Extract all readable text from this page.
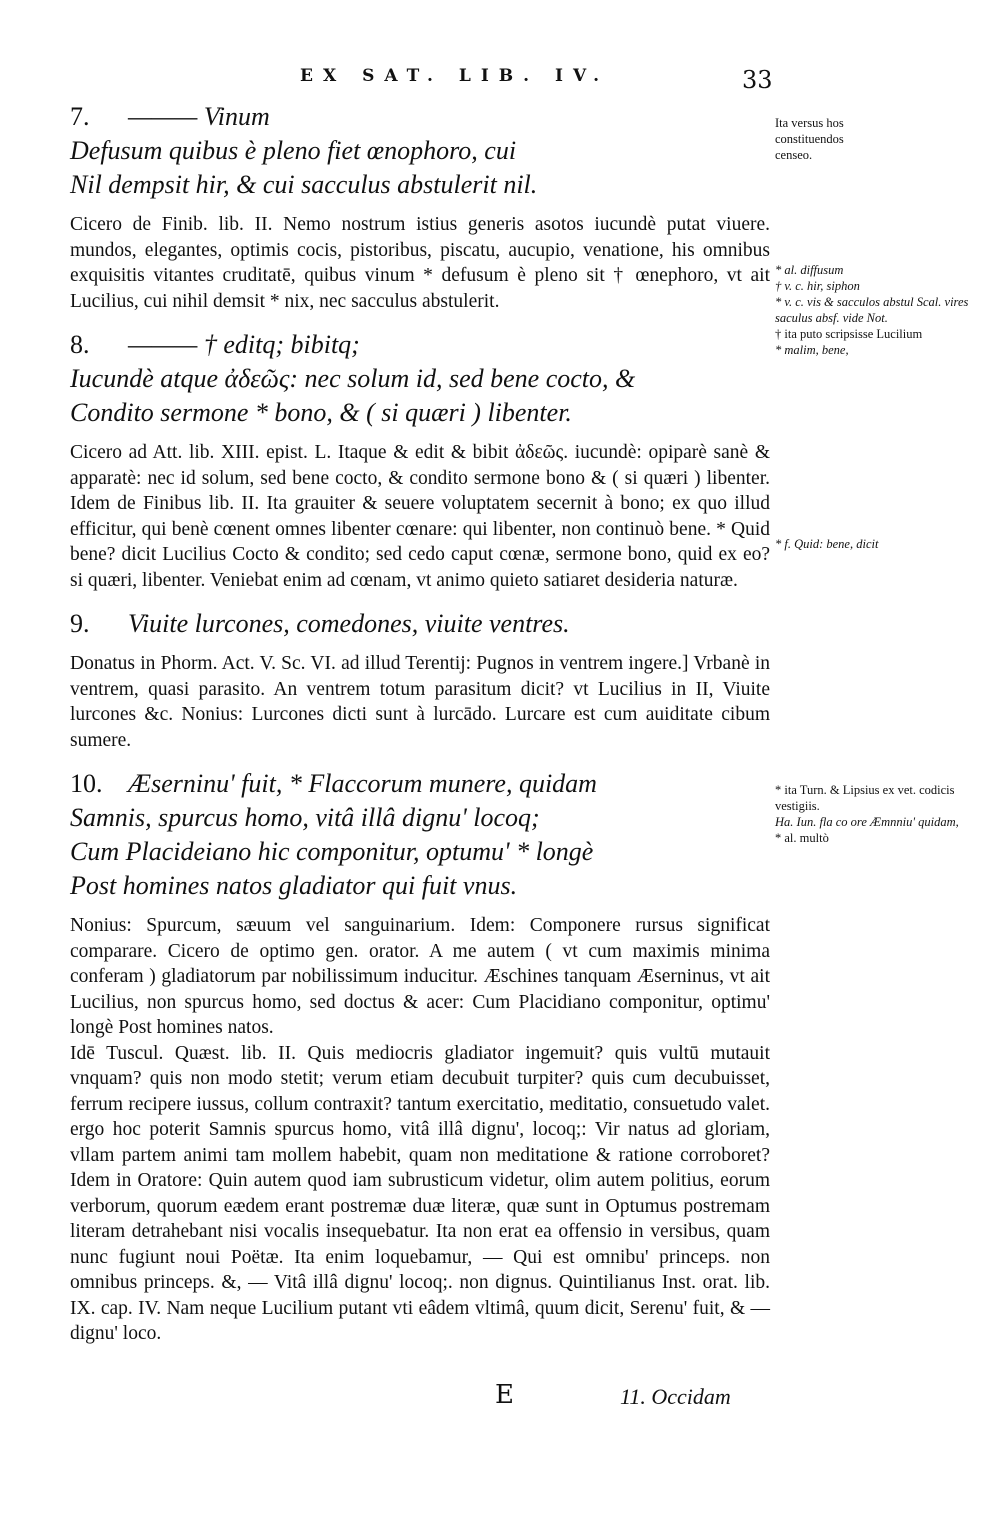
EX SAT. LIB. IV.	33
7. ——— Vinum
Defusum quibus è pleno fiet œnophoro, cui
Nil dempsit hir, & cui sacculus abstulerit nil.

Cicero de Finib. lib. II. Nemo nostrum istius generis asotos iucundè putat viuere. mundos, elegantes, optimis cocis, pistoribus, piscatu, aucupio, venatione, his omnibus exquisitis vitantes cruditatē, quibus vinum * defusum è pleno sit † œnephoro, vt ait Lucilius, cui nihil demsit * nix, nec sacculus abstulerit.

8. ——— † editq; bibitq;
Iucundè atque ἀδεῶς: nec solum id, sed bene cocto, &
Condito sermone * bono, & ( si quæri ) libenter.

Cicero ad Att. lib. XIII. epist. L. Itaque & edit & bibit ἀδεῶς. iucundè: opiparè sanè & apparatè: nec id solum, sed bene cocto, & condito sermone bono & ( si quæri ) libenter. Idem de Finibus lib. II. Ita grauiter & seuere voluptatem secernit à bono; ex quo illud efficitur, qui benè cœnent omnes libenter cœnare: qui libenter, non continuò bene. * Quid bene? dicit Lucilius Cocto & condito; sed cedo caput cœnæ, sermone bono, quid ex eo? si quæri, libenter. Veniebat enim ad cœnam, vt animo quieto satiaret desideria naturæ.

9. Viuite lurcones, comedones, viuite ventres.

Donatus in Phorm. Act. V. Sc. VI. ad illud Terentij: Pugnos in ventrem ingere.] Vrbanè in ventrem, quasi parasito. An ventrem totum parasitum dicit? vt Lucilius in II, Viuite lurcones &c. Nonius: Lurcones dicti sunt à lurcādo. Lurcare est cum auiditate cibum sumere.

10. Æserninu' fuit, * Flaccorum munere, quidam
Samnis, spurcus homo, vitâ illâ dignu' locoq;
Cum Placideiano hic componitur, optumu' * longè
Post homines natos gladiator qui fuit vnus.

Nonius: Spurcum, sæuum vel sanguinarium. Idem: Componere rursus significat comparare. Cicero de optimo gen. orator. A me autem ( vt cum maximis minima conferam ) gladiatorum par nobilissimum inducitur. Æschines tanquam Æserninus, vt ait Lucilius, non spurcus homo, sed doctus & acer: Cum Placidiano componitur, optimu' longè Post homines natos.

Idē Tuscul. Quæst. lib. II. Quis mediocris gladiator ingemuit? quis vultū mutauit vnquam? quis non modo stetit; verum etiam decubuit turpiter? quis cum decubuisset, ferrum recipere iussus, collum contraxit? tantum exercitatio, meditatio, consuetudo valet. ergo hoc poterit Samnis spurcus homo, vitâ illâ dignu', locoq;: Vir natus ad gloriam, vllam partem animi tam mollem habebit, quam non meditatione & ratione corroboret? Idem in Oratore: Quin autem quod iam subrusticum videtur, olim autem politius, eorum verborum, quorum eædem erant postremæ duæ literæ, quæ sunt in Optumus postremam literam detrahebant nisi vocalis insequebatur. Ita non erat ea offensio in versibus, quam nunc fugiunt noui Poëtæ. Ita enim loquebamur, — Qui est omnibu' princeps. non omnibus princeps. &, — Vitâ illâ dignu' locoq;. non dignus. Quintilianus Inst. orat. lib. IX. cap. IV. Nam neque Lucilium putant vti eâdem vltimâ, quum dicit, Serenu' fuit, & — dignu' loco.

Ita versus hos

constituendos

censeo.

* al. diffusum

† v. c. hir, siphon

* v. c. vis & sacculos abstul Scal. vires saculus absf. vide Not.

† ita puto scripsisse Lucilium

* malim, bene,

* f. Quid: bene, dicit

* ita Turn. & Lipsius ex vet. codicis vestigiis.

Ha. Iun. fla co ore Æmnniu' quidam,

* al. multò

E	11. Occidam
